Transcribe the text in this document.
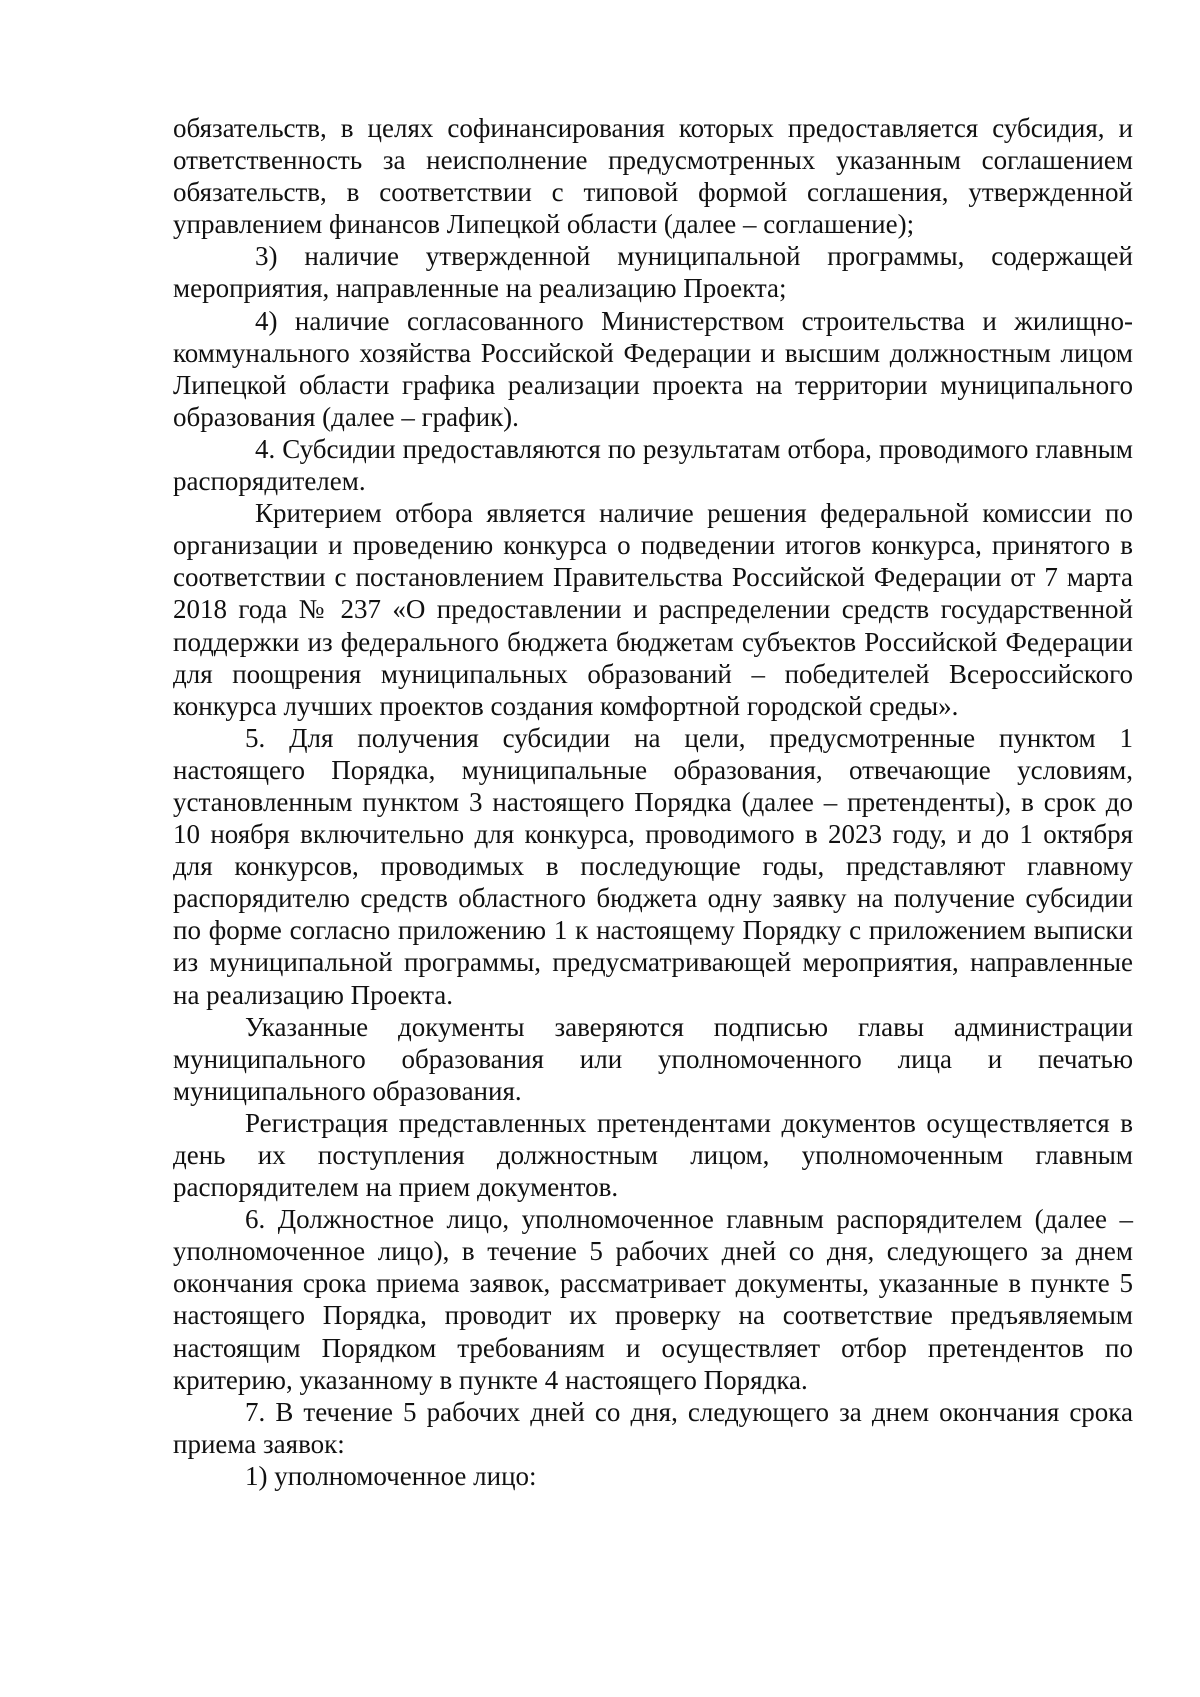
обязательств, в целях софинансирования которых предоставляется субсидия, и ответственность за неисполнение предусмотренных указанным соглашением обязательств, в соответствии с типовой формой соглашения, утвержденной управлением финансов Липецкой области (далее – соглашение);

3) наличие утвержденной муниципальной программы, содержащей мероприятия, направленные на реализацию Проекта;

4) наличие согласованного Министерством строительства и жилищно-коммунального хозяйства Российской Федерации и высшим должностным лицом Липецкой области графика реализации проекта на территории муниципального образования (далее – график).

4. Субсидии предоставляются по результатам отбора, проводимого главным распорядителем.

Критерием отбора является наличие решения федеральной комиссии по организации и проведению конкурса о подведении итогов конкурса, принятого в соответствии с постановлением Правительства Российской Федерации от 7 марта 2018 года № 237 «О предоставлении и распределении средств государственной поддержки из федерального бюджета бюджетам субъектов Российской Федерации для поощрения муниципальных образований – победителей Всероссийского конкурса лучших проектов создания комфортной городской среды».

5. Для получения субсидии на цели, предусмотренные пунктом 1 настоящего Порядка, муниципальные образования, отвечающие условиям, установленным пунктом 3 настоящего Порядка (далее – претенденты), в срок до 10 ноября включительно для конкурса, проводимого в 2023 году, и до 1 октября для конкурсов, проводимых в последующие годы, представляют главному распорядителю средств областного бюджета одну заявку на получение субсидии по форме согласно приложению 1 к настоящему Порядку с приложением выписки из муниципальной программы, предусматривающей мероприятия, направленные на реализацию Проекта.

Указанные документы заверяются подписью главы администрации муниципального образования или уполномоченного лица и печатью муниципального образования.

Регистрация представленных претендентами документов осуществляется в день их поступления должностным лицом, уполномоченным главным распорядителем на прием документов.

6. Должностное лицо, уполномоченное главным распорядителем (далее – уполномоченное лицо), в течение 5 рабочих дней со дня, следующего за днем окончания срока приема заявок, рассматривает документы, указанные в пункте 5 настоящего Порядка, проводит их проверку на соответствие предъявляемым настоящим Порядком требованиям и осуществляет отбор претендентов по критерию, указанному в пункте 4 настоящего Порядка.

7. В течение 5 рабочих дней со дня, следующего за днем окончания срока приема заявок:

1) уполномоченное лицо:
